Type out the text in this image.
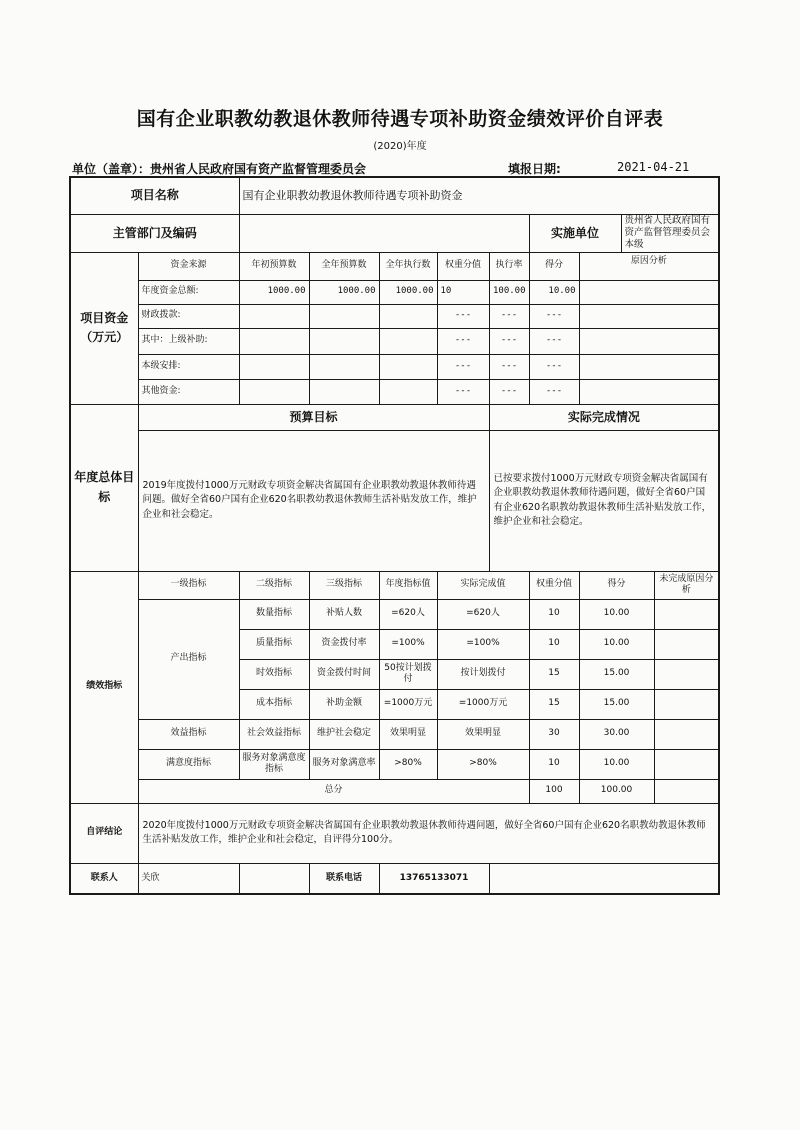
国有企业职教幼教退休教师待遇专项补助资金绩效评价自评表
(2020)年度
单位（盖章）：贵州省人民政府国有资产监督管理委员会	填报日期:	2021-04-21
项目名称		国有企业职教幼教退休教师待遇专项补助资金								
主管部门及编码							实施单位		贵州省人民政府国有资产监督管理委员会本级	
项目资金（万元）	资金来源	年初预算数	全年预算数	全年执行数	权重分值	执行率	得分	原因分析		
	年度资金总额:	1000.00	1000.00	1000.00	10	100.00	10.00			
	财政拨款:				---	---	---			
	其中：上级补助:				---	---	---			
	本级安排:				---	---	---			
	其他资金:				---	---	---			
年度总体目标	预算目标					实际完成情况				
	2019年度拨付1000万元财政专项资金解决省属国有企业职教幼教退休教师待遇问题。做好全省60户国有企业620名职教幼教退休教师生活补贴发放工作，维护企业和社会稳定。					已按要求拨付1000万元财政专项资金解决省属国有企业职教幼教退休教师待遇问题，做好全省60户国有企业620名职教幼教退休教师生活补贴发放工作，维护企业和社会稳定。				
绩效指标	一级指标	二级指标	三级指标	年度指标值	实际完成值		权重分值	得分		未完成原因分析
	产出指标	数量指标	补贴人数	=620人	=620人		10	10.00		
		质量指标	资金拨付率	=100%	=100%		10	10.00		
		时效指标	资金拨付时间	50按计划拨付	按计划拨付		15	15.00		
		成本指标	补助金额	=1000万元	=1000万元		15	15.00		
	效益指标	社会效益指标	维护社会稳定	效果明显	效果明显		30	30.00		
	满意度指标	服务对象满意度指标	服务对象满意率	>80%	>80%		10	10.00		
	总分						100	100.00		
自评结论	2020年度拨付1000万元财政专项资金解决省属国有企业职教幼教退休教师待遇问题，做好全省60户国有企业620名职教幼教退休教师生活补贴发放工作，维护企业和社会稳定，自评得分100分。									
联系人	关欣		联系电话	13765133071						
